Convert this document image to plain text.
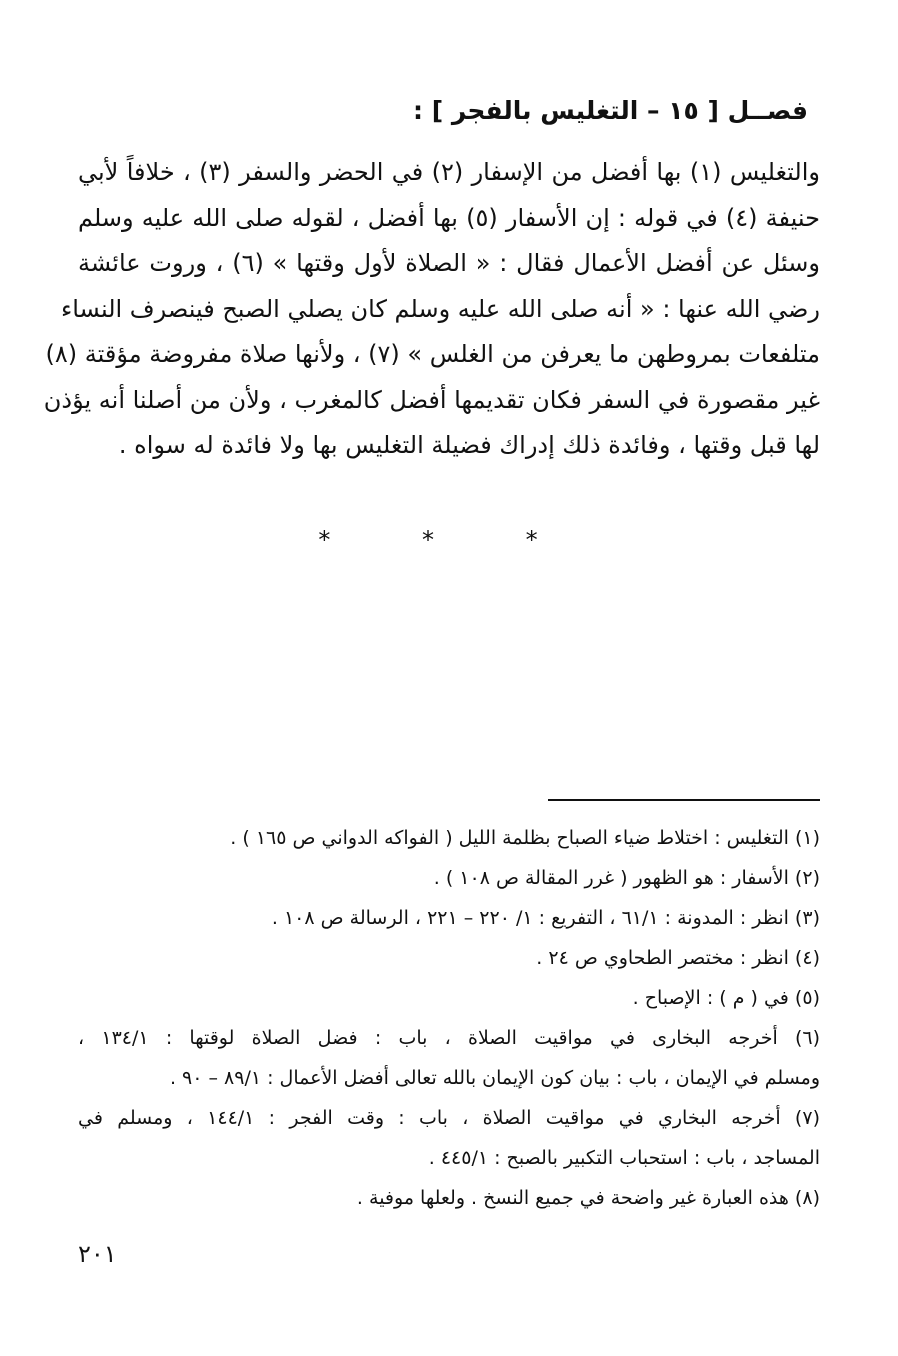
فصــل [ ١٥ – التغليس بالفجر ] :
والتغليس (١) بها أفضل من الإسفار (٢) في الحضر والسفر (٣) ، خلافاً لأبي
حنيفة (٤) في قوله : إن الأسفار (٥) بها أفضل ، لقوله صلى الله عليه وسلم
وسئل عن أفضل الأعمال فقال : « الصلاة لأول وقتها » (٦) ، وروت عائشة
رضي الله عنها : « أنه صلى الله عليه وسلم كان يصلي الصبح فينصرف النساء
متلفعات بمروطهن ما يعرفن من الغلس » (٧) ، ولأنها صلاة مفروضة مؤقتة (٨)
غير مقصورة في السفر فكان تقديمها أفضل كالمغرب ، ولأن من أصلنا أنه يؤذن
لها قبل وقتها ، وفائدة ذلك إدراك فضيلة التغليس بها ولا فائدة له سواه .
* * *
(١) التغليس : اختلاط ضياء الصباح بظلمة الليل ( الفواكه الدواني ص ١٦٥ ) .
(٢) الأسفار : هو الظهور ( غرر المقالة ص ١٠٨ ) .
(٣) انظر : المدونة : ٦١/١ ، التفريع : ١/ ٢٢٠ – ٢٢١ ، الرسالة ص ١٠٨ .
(٤) انظر : مختصر الطحاوي ص ٢٤ .
(٥) في ( م ) : الإصباح .
(٦) أخرجه البخارى في مواقيت الصلاة ، باب : فضل الصلاة لوقتها : ١٣٤/١ ،
ومسلم في الإيمان ، باب : بيان كون الإيمان بالله تعالى أفضل الأعمال : ٨٩/١ – ٩٠ .
(٧) أخرجه البخاري في مواقيت الصلاة ، باب : وقت الفجر : ١٤٤/١ ، ومسلم في
المساجد ، باب : استحباب التكبير بالصبح : ٤٤٥/١ .
(٨) هذه العبارة غير واضحة في جميع النسخ . ولعلها موفية .
٢٠١
